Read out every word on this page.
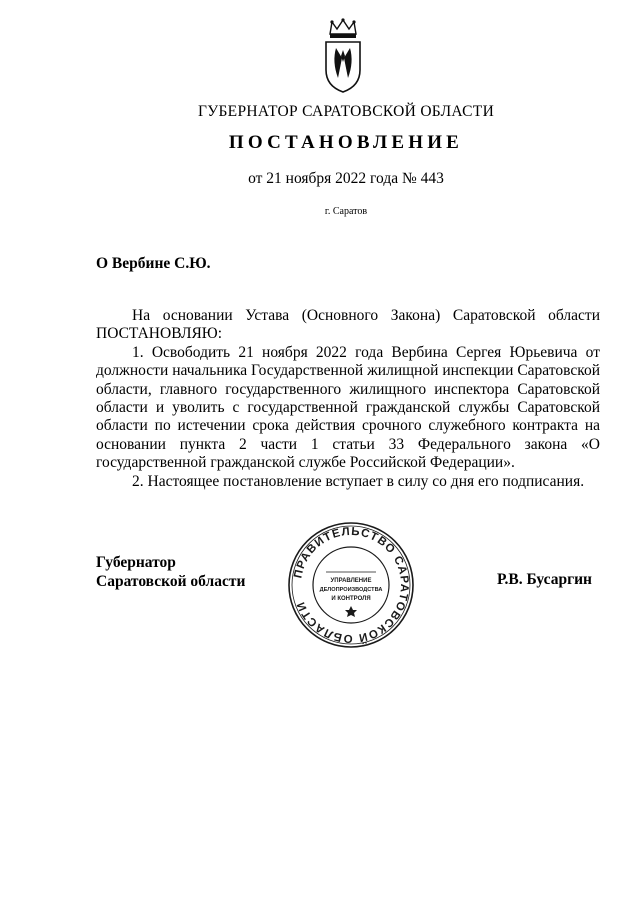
ГУБЕРНАТОР САРАТОВСКОЙ ОБЛАСТИ
ПОСТАНОВЛЕНИЕ
от 21 ноября 2022 года № 443
г. Саратов
О Вербине С.Ю.

На основании Устава (Основного Закона) Саратовской области

ПОСТАНОВЛЯЮ:

1. Освободить 21 ноября 2022 года Вербина Сергея Юрьевича от должности начальника Государственной жилищной инспекции Саратовской области, главного государственного жилищного инспектора Саратовской области и уволить с государственной гражданской службы Саратовской области по истечении срока действия срочного служебного контракта на основании пункта 2 части 1 статьи 33 Федерального закона «О государственной гражданской службе Российской Федерации».

2. Настоящее постановление вступает в силу со дня его подписания.

Губернатор
Саратовской области	ПРАВИТЕЛЬСТВО САРАТОВСКОЙ ОБЛАСТИ
УПРАВЛЕНИЕ
ДЕЛОПРОИЗВОДСТВА
И КОНТРОЛЯ
Р.В. Бусаргин
